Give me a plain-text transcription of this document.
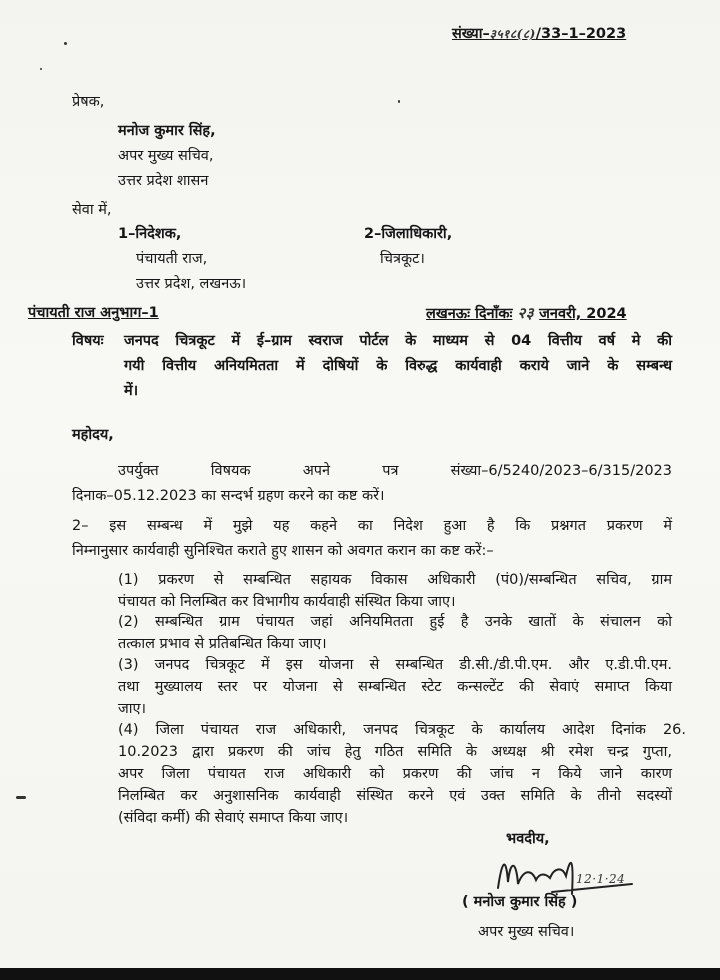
संख्या–३५१८(८)/33–1–2023
प्रेषक,
मनोज कुमार सिंह,
अपर मुख्य सचिव,
उत्तर प्रदेश शासन
सेवा में,
1–निदेशक,
पंचायती राज,
उत्तर प्रदेश, लखनऊ।
2–जिलाधिकारी,
चित्रकूट।
पंचायती राज अनुभाग–1	लखनऊः दिनाँकः २३ जनवरी, 2024
विषयः जनपद चित्रकूट में ई–ग्राम स्वराज पोर्टल के माध्यम से 04 वित्तीय वर्ष मे की
गयी वित्तीय अनियमितता में दोषियों के विरुद्ध कार्यवाही कराये जाने के सम्बन्ध
में।
महोदय,
उपर्युक्त विषयक अपने पत्र संख्या–6/5240/2023–6/315/2023
दिनाक–05.12.2023 का सन्दर्भ ग्रहण करने का कष्ट करें।
2– इस सम्बन्ध में मुझे यह कहने का निदेश हुआ है कि प्रश्नगत प्रकरण में
निम्नानुसार कार्यवाही सुनिश्चित कराते हुए शासन को अवगत करान का कष्ट करें:–
(1) प्रकरण से सम्बन्धित सहायक विकास अधिकारी (पं0)/सम्बन्धित सचिव, ग्राम
पंचायत को निलम्बित कर विभागीय कार्यवाही संस्थित किया जाए।
(2) सम्बन्धित ग्राम पंचायत जहां अनियमितता हुई है उनके खातों के संचालन को
तत्काल प्रभाव से प्रतिबन्धित किया जाए।
(3) जनपद चित्रकूट में इस योजना से सम्बन्धित डी.सी./डी.पी.एम. और ए.डी.पी.एम.
तथा मुख्यालय स्तर पर योजना से सम्बन्धित स्टेट कन्सल्टेंट की सेवाएं समाप्त किया
जाए।
(4) जिला पंचायत राज अधिकारी, जनपद चित्रकूट के कार्यालय आदेश दिनांक 26.
10.2023 द्वारा प्रकरण की जांच हेतु गठित समिति के अध्यक्ष श्री रमेश चन्द्र गुप्ता,
अपर जिला पंचायत राज अधिकारी को प्रकरण की जांच न किये जाने कारण
निलम्बित कर अनुशासनिक कार्यवाही संस्थित करने एवं उक्त समिति के तीनो सदस्यों
(संविदा कर्मी) की सेवाएं समाप्त किया जाए।
भवदीय,
12·1·24
( मनोज कुमार सिंह )
अपर मुख्य सचिव।
